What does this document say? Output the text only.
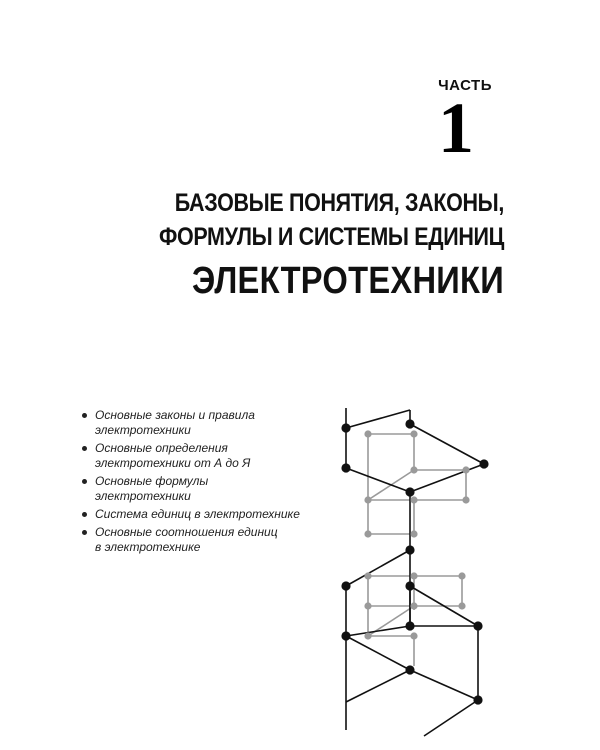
ЧАСТЬ
1
БАЗОВЫЕ ПОНЯТИЯ, ЗАКОНЫ,
ФОРМУЛЫ И СИСТЕМЫ ЕДИНИЦ
ЭЛЕКТРОТЕХНИКИ
Основные законы и правила
электротехники
Основные определения
электротехники от А до Я
Основные формулы
электротехники
Система единиц в электротехнике
Основные соотношения единиц
в электротехнике
